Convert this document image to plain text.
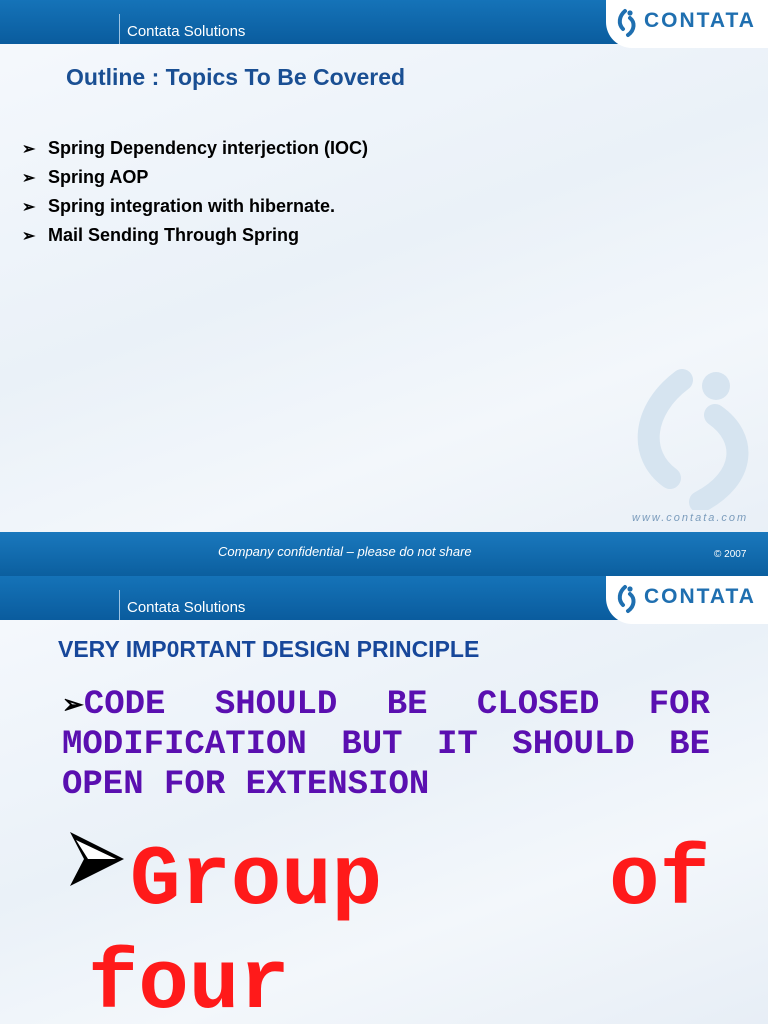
Contata Solutions	CONTATA
Outline : Topics To Be Covered
➢ Spring Dependency interjection (IOC)
➢ Spring AOP
➢ Spring integration with hibernate.
➢ Mail Sending Through Spring
www.contata.com
Company confidential – please do not share	© 2007
Contata Solutions	CONTATA
VERY IMP0RTANT DESIGN PRINCIPLE
➢CODE SHOULD BE CLOSED FOR MODIFICATION BUT IT SHOULD BE OPEN FOR EXTENSION
Group	of
four
